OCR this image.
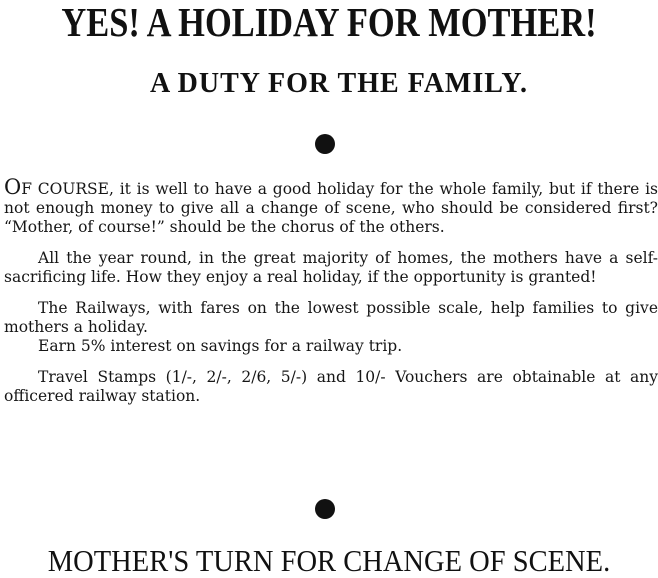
YES! A HOLIDAY FOR MOTHER!
A DUTY FOR THE FAMILY.

OF COURSE, it is well to have a good holiday for the whole family, but if there is not enough money to give all a change of scene, who should be considered first? “Mother, of course!” should be the chorus of the others.

All the year round, in the great majority of homes, the mothers have a self-sacrificing life. How they enjoy a real holiday, if the opportunity is granted!

The Railways, with fares on the lowest possible scale, help families to give mothers a holiday.

Earn 5% interest on savings for a railway trip.

Travel Stamps (1/-, 2/-, 2/6, 5/-) and 10/- Vouchers are obtainable at any officered railway station.

MOTHER'S TURN FOR CHANGE OF SCENE.
